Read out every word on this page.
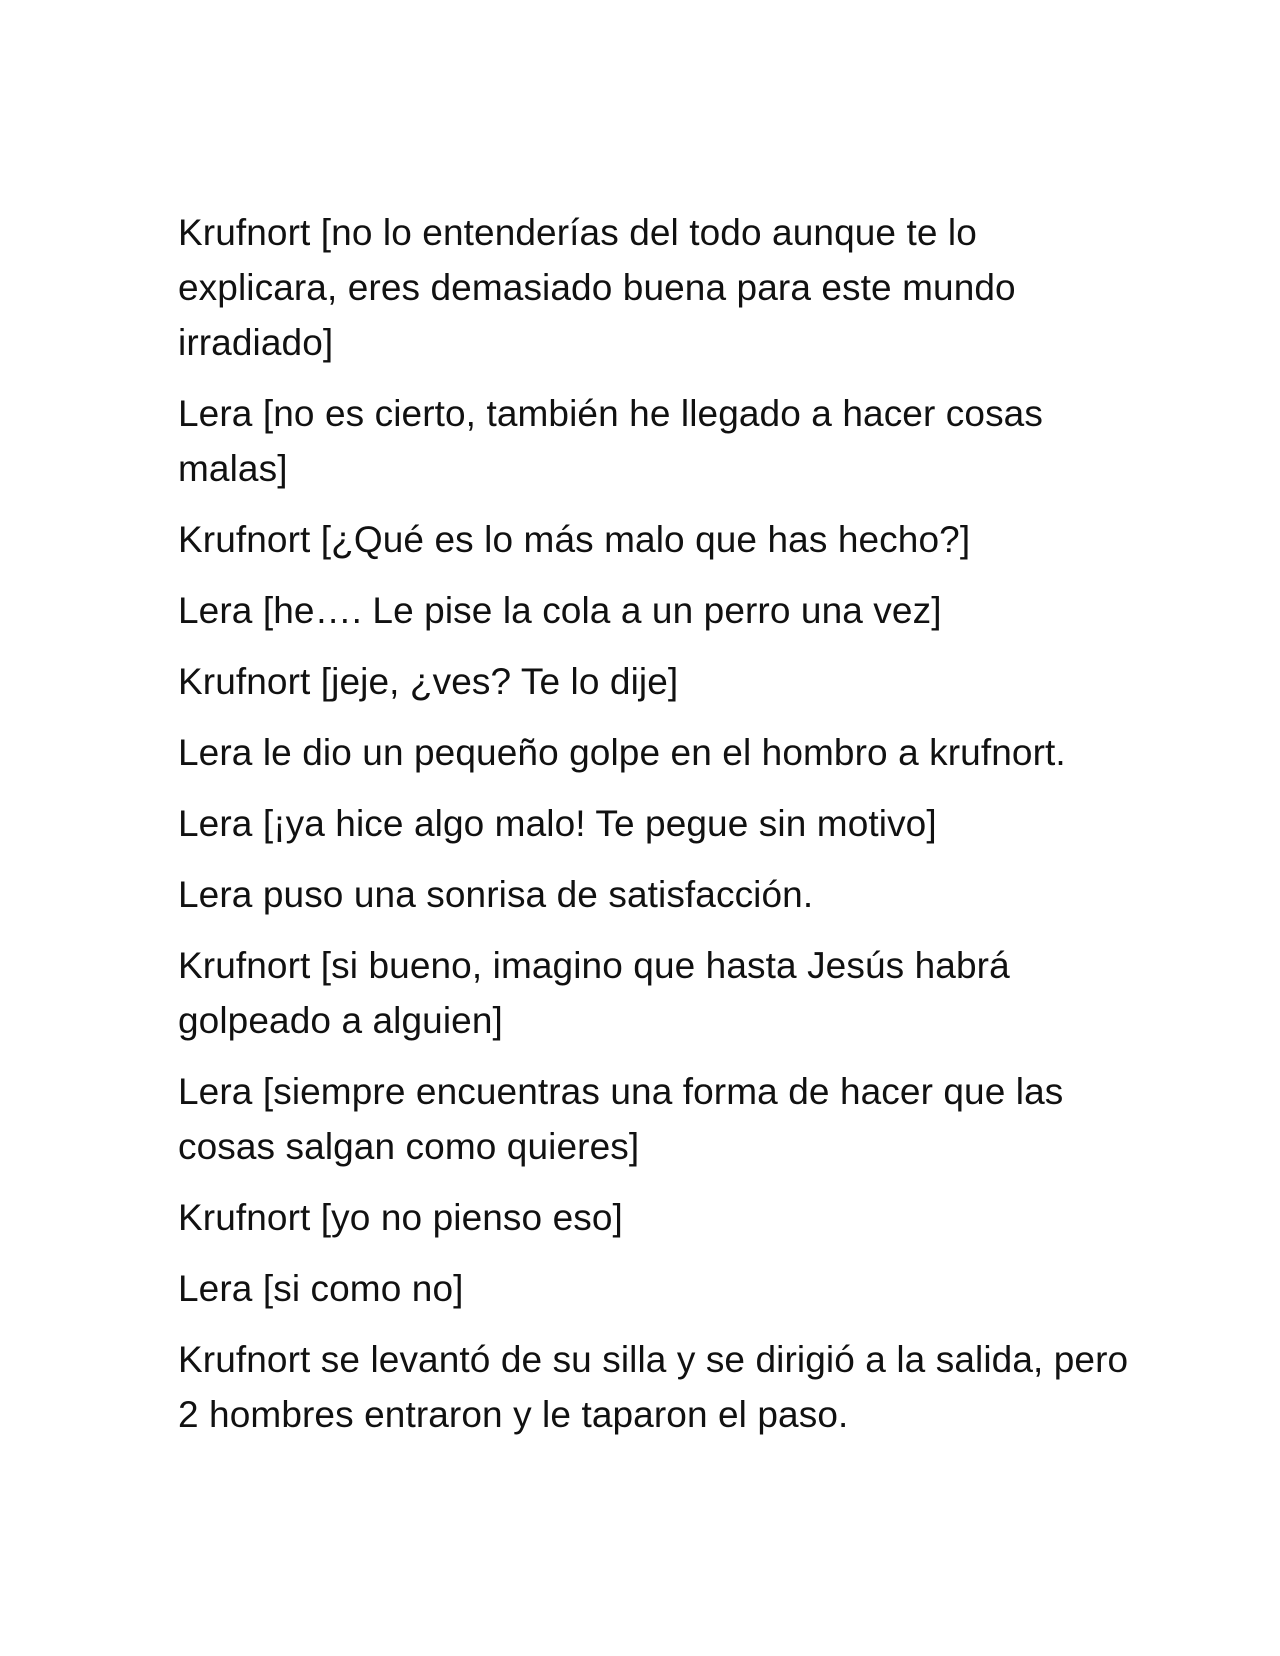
Krufnort [no lo entenderías del todo aunque te lo explicara, eres demasiado buena para este mundo irradiado]

Lera [no es cierto, también he llegado a hacer cosas malas]

Krufnort [¿Qué es lo más malo que has hecho?]

Lera [he…. Le pise la cola a un perro una vez]

Krufnort [jeje, ¿ves? Te lo dije]

Lera le dio un pequeño golpe en el hombro a krufnort.

Lera [¡ya hice algo malo! Te pegue sin motivo]

Lera puso una sonrisa de satisfacción.

Krufnort [si bueno, imagino que hasta Jesús habrá golpeado a alguien]

Lera [siempre encuentras una forma de hacer que las cosas salgan como quieres]

Krufnort [yo no pienso eso]

Lera [si como no]

Krufnort se levantó de su silla y se dirigió a la salida, pero 2 hombres entraron y le taparon el paso.
